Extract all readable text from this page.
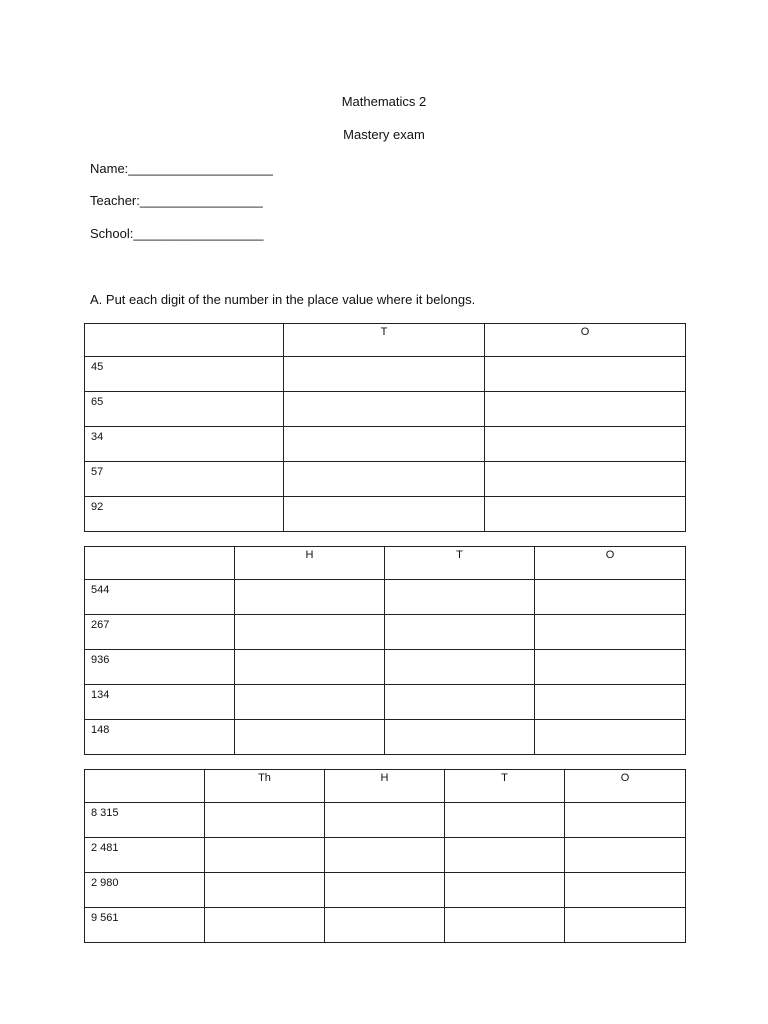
Mathematics 2
Mastery exam
Name:____________________
Teacher:_________________
School:__________________
A. Put each digit of the number in the place value where it belongs.
	T	O
45		
65		
34		
57		
92		
	H	T	O
544			
267			
936			
134			
148			
	Th	H	T	O
8 315				
2 481				
2 980				
9 561				
